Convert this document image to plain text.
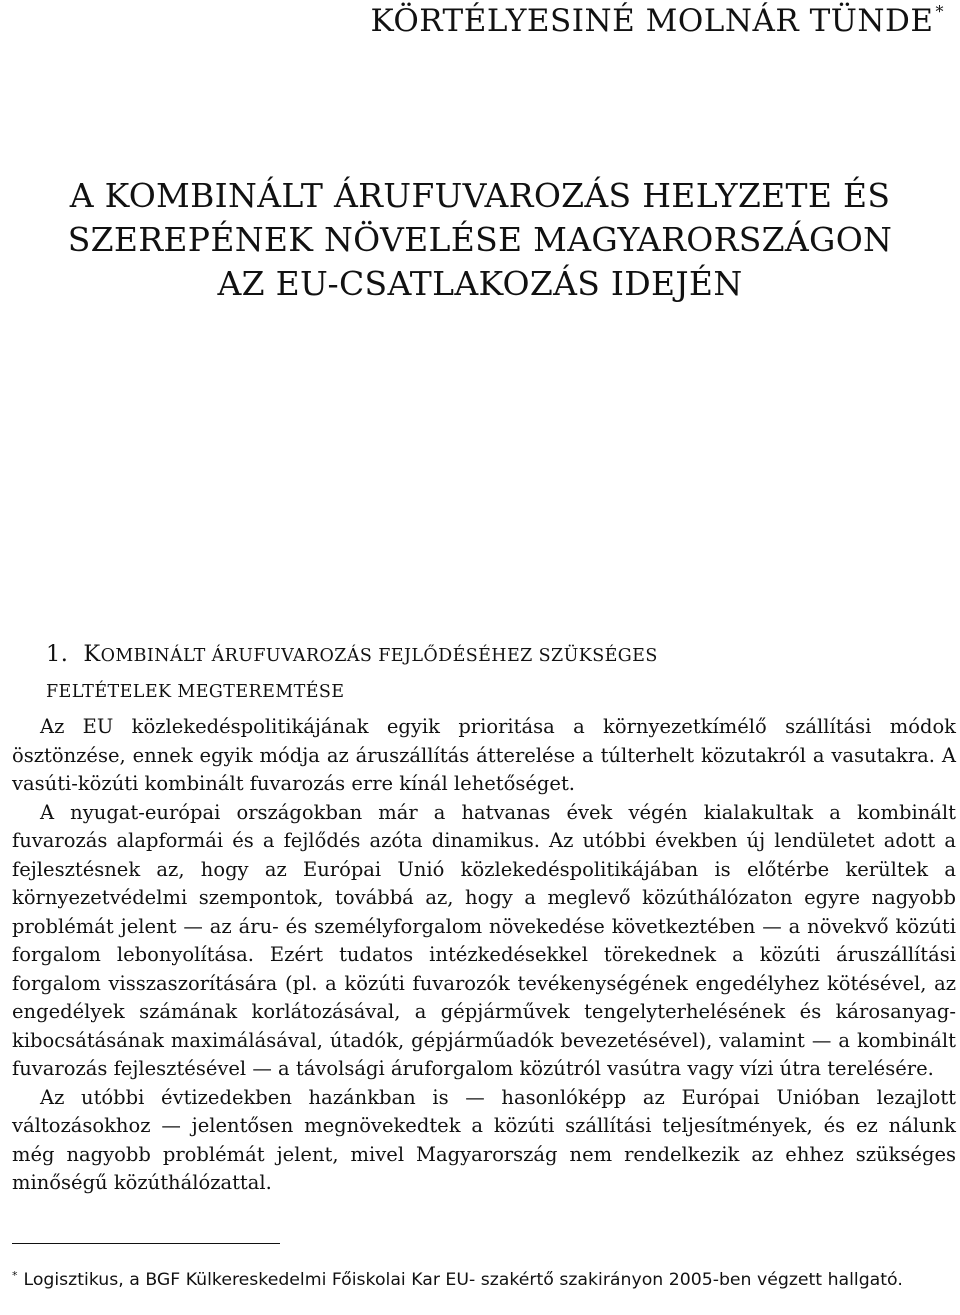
KÖRTÉLYESINÉ MOLNÁR TÜNDE *
A KOMBINÁLT ÁRUFUVAROZÁS HELYZETE ÉS
SZEREPÉNEK NÖVELÉSE MAGYARORSZÁGON
AZ EU-CSATLAKOZÁS IDEJÉN
1. KOMBINÁLT ÁRUFUVAROZÁS FEJLŐDÉSÉHEZ SZÜKSÉGES
FELTÉTELEK MEGTEREMTÉSE

Az EU közlekedéspolitikájának egyik prioritása a környezetkímélő szállítási módok ösztönzése, ennek egyik módja az áruszállítás átterelése a túlterhelt közutakról a vasutakra. A vasúti-közúti kombinált fuvarozás erre kínál lehetőséget.

A nyugat-európai országokban már a hatvanas évek végén kialakultak a kombinált fuvarozás alapformái és a fejlődés azóta dinamikus. Az utóbbi években új lendületet adott a fejlesztésnek az, hogy az Európai Unió közlekedéspolitikájában is előtérbe kerültek a környezetvédelmi szempontok, továbbá az, hogy a meglevő közúthálózaton egyre nagyobb problémát jelent — az áru- és személyforgalom növekedése következtében — a növekvő közúti forgalom lebonyolítása. Ezért tudatos intézkedésekkel törekednek a közúti áruszállítási forgalom visszaszorítására (pl. a közúti fuvarozók tevékenységének engedélyhez kötésével, az engedélyek számának korlátozásával, a gépjárművek tengelyterhelésének és károsanyag-kibocsátásának maximálásával, útadók, gépjárműadók bevezetésével), valamint — a kombinált fuvarozás fejlesztésével — a távolsági áruforgalom közútról vasútra vagy vízi útra terelésére.

Az utóbbi évtizedekben hazánkban is — hasonlóképp az Európai Unióban lezajlott változásokhoz — jelentősen megnövekedtek a közúti szállítási teljesítmények, és ez nálunk még nagyobb problémát jelent, mivel Magyarország nem rendelkezik az ehhez szükséges minőségű közúthálózattal.

* Logisztikus, a BGF Külkereskedelmi Főiskolai Kar EU- szakértő szakirányon 2005-ben végzett hallgató.
